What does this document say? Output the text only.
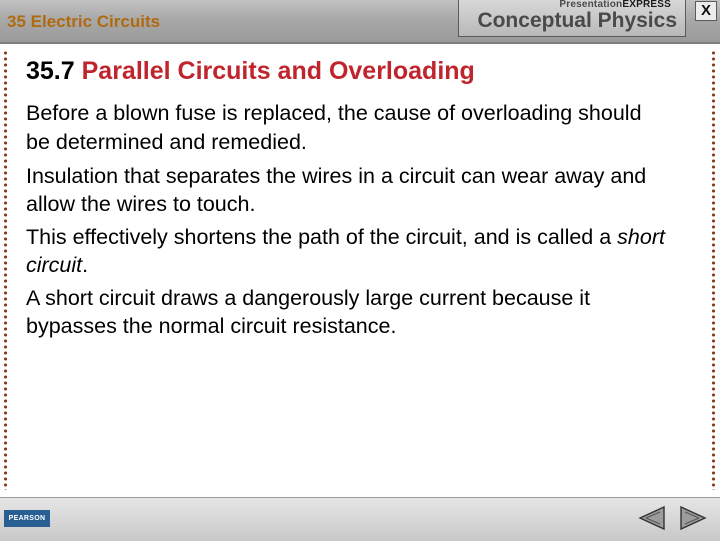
35 Electric Circuits
PresentationEXPRESS
Conceptual Physics	X
35.7 Parallel Circuits and Overloading

Before a blown fuse is replaced, the cause of overloading should be determined and remedied.

Insulation that separates the wires in a circuit can wear away and allow the wires to touch.

This effectively shortens the path of the circuit, and is called a short circuit.

A short circuit draws a dangerously large current because it bypasses the normal circuit resistance.

PEARSON
